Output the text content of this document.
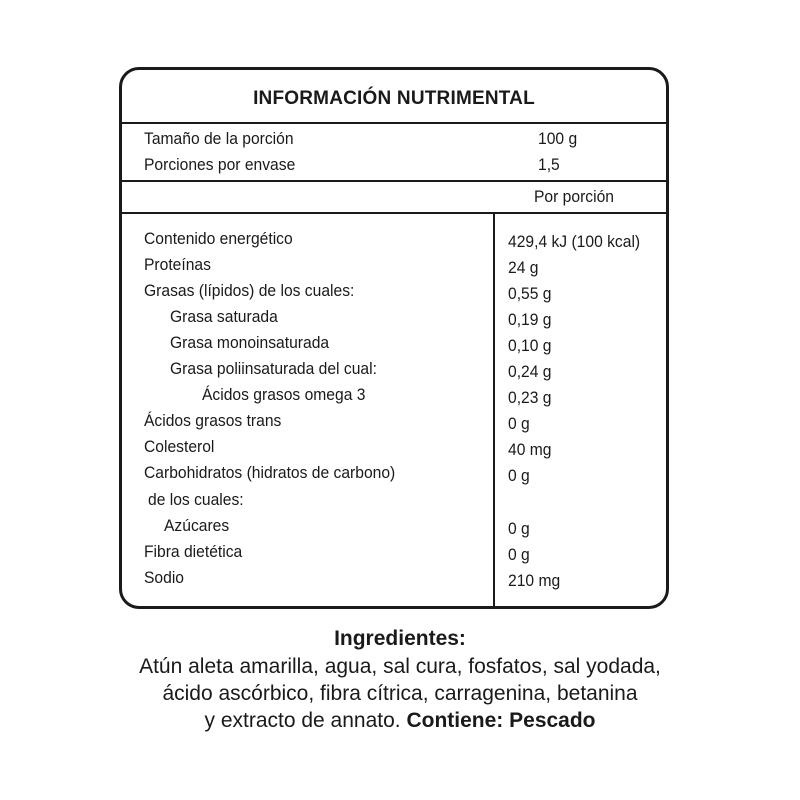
INFORMACIÓN NUTRIMENTAL
Tamaño de la porción	100 g
Porciones por envase	1,5
Por porción
Contenido energético	429,4 kJ (100 kcal)
Proteínas	24 g
Grasas (lípidos) de los cuales:	0,55 g
Grasa saturada	0,19 g
Grasa monoinsaturada	0,10 g
Grasa poliinsaturada del cual:	0,24 g
Ácidos grasos omega 3	0,23 g
Ácidos grasos trans	0 g
Colesterol	40 mg
Carbohidratos (hidratos de carbono)	0 g
de los cuales:
Azúcares	0 g
Fibra dietética	0 g
Sodio	210 mg
Ingredientes:
Atún aleta amarilla, agua, sal cura, fosfatos, sal yodada,
ácido ascórbico, fibra cítrica, carragenina, betanina
y extracto de annato. Contiene: Pescado
